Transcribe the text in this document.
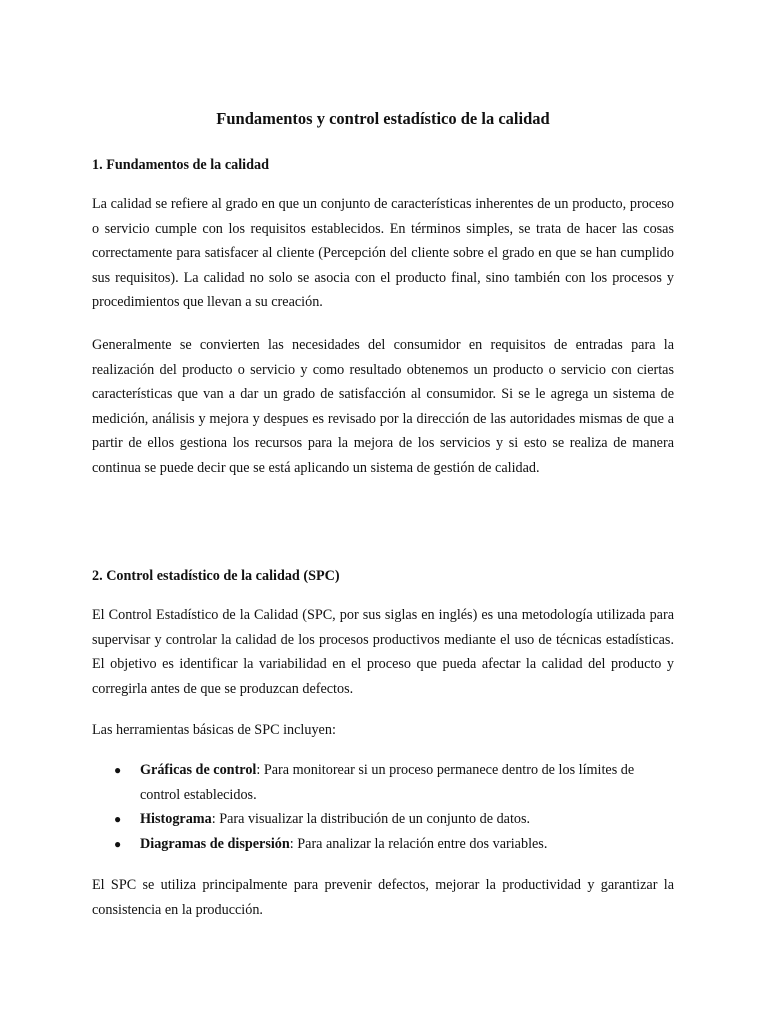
Fundamentos y control estadístico de la calidad
1. Fundamentos de la calidad

La calidad se refiere al grado en que un conjunto de características inherentes de un producto, proceso o servicio cumple con los requisitos establecidos. En términos simples, se trata de hacer las cosas correctamente para satisfacer al cliente (Percepción del cliente sobre el grado en que se han cumplido sus requisitos). La calidad no solo se asocia con el producto final, sino también con los procesos y procedimientos que llevan a su creación.

Generalmente se convierten las necesidades del consumidor en requisitos de entradas para la realización del producto o servicio y como resultado obtenemos un producto o servicio con ciertas características que van a dar un grado de satisfacción al consumidor. Si se le agrega un sistema de medición, análisis y mejora y despues es revisado por la dirección de las autoridades mismas de que a partir de ellos gestiona los recursos para la mejora de los servicios y si esto se realiza de manera continua se puede decir que se está aplicando un sistema de gestión de calidad.

2. Control estadístico de la calidad (SPC)

El Control Estadístico de la Calidad (SPC, por sus siglas en inglés) es una metodología utilizada para supervisar y controlar la calidad de los procesos productivos mediante el uso de técnicas estadísticas. El objetivo es identificar la variabilidad en el proceso que pueda afectar la calidad del producto y corregirla antes de que se produzcan defectos.

Las herramientas básicas de SPC incluyen:

● Gráficas de control: Para monitorear si un proceso permanece dentro de los límites de control establecidos.
● Histograma: Para visualizar la distribución de un conjunto de datos.
● Diagramas de dispersión: Para analizar la relación entre dos variables.

El SPC se utiliza principalmente para prevenir defectos, mejorar la productividad y garantizar la consistencia en la producción.
